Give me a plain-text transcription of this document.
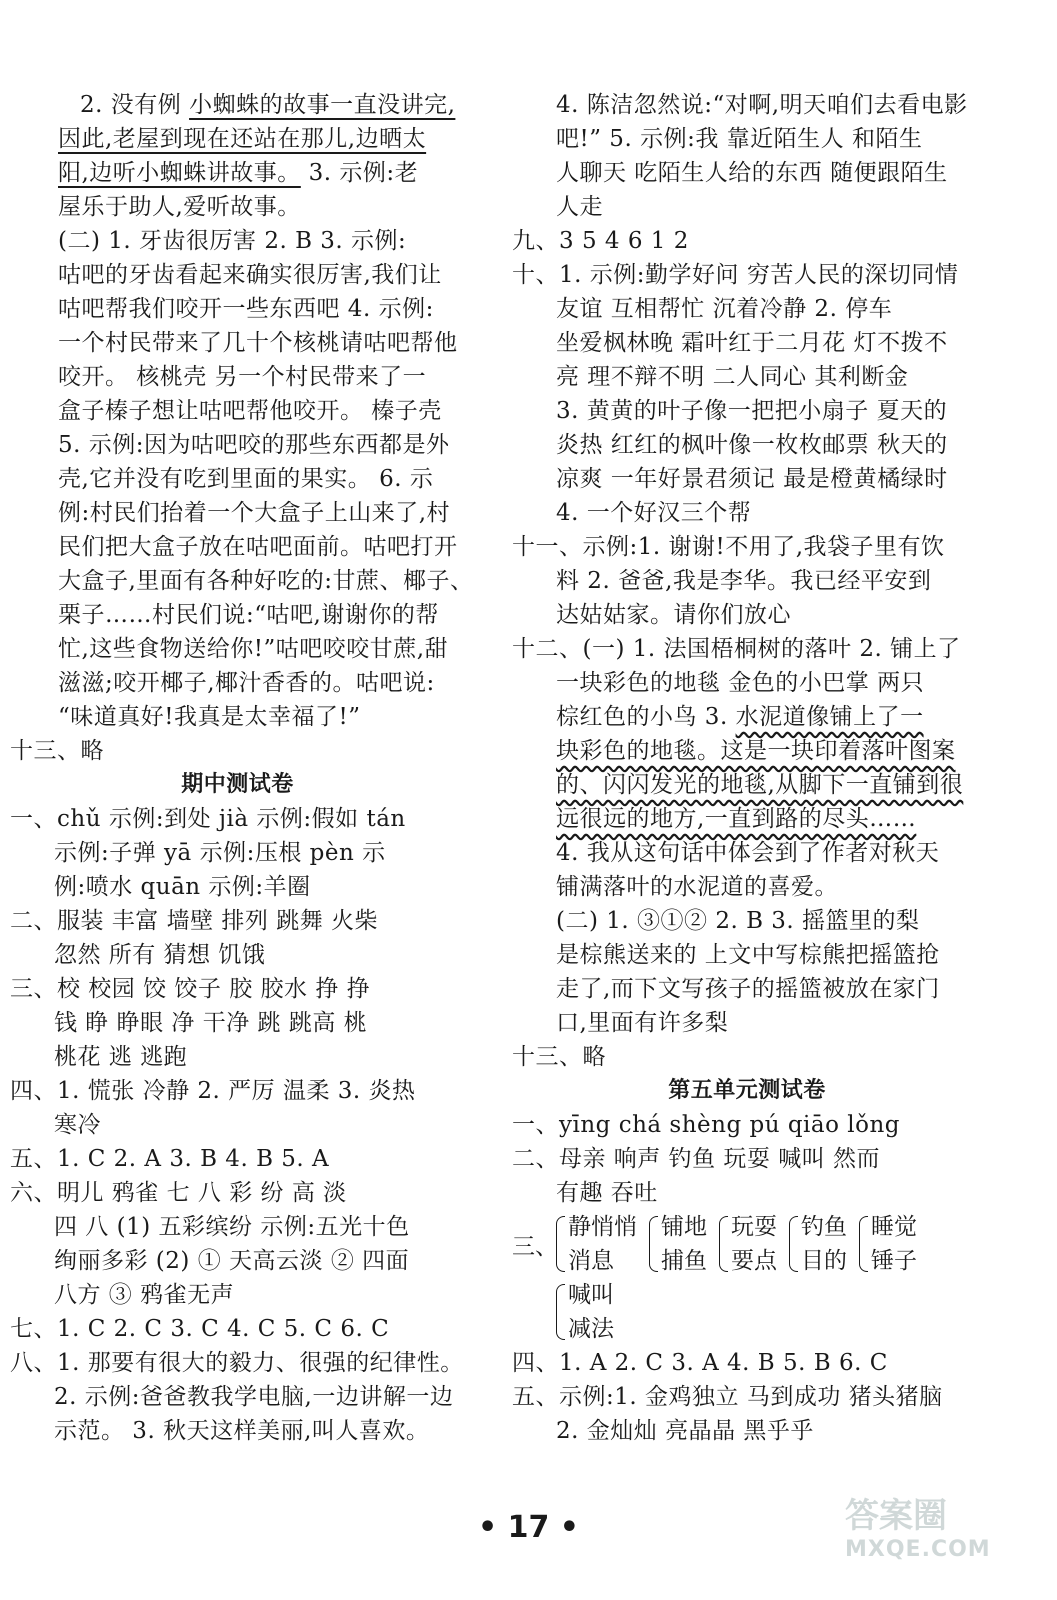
2. 没有例 小蜘蛛的故事一直没讲完,
因此,老屋到现在还站在那儿,边晒太
阳,边听小蜘蛛讲故事。 3. 示例:老
屋乐于助人,爱听故事。
(二) 1. 牙齿很厉害 2. B 3. 示例:
咕吧的牙齿看起来确实很厉害,我们让
咕吧帮我们咬开一些东西吧 4. 示例:
一个村民带来了几十个核桃请咕吧帮他
咬开。 核桃壳 另一个村民带来了一
盒子榛子想让咕吧帮他咬开。 榛子壳
5. 示例:因为咕吧咬的那些东西都是外
壳,它并没有吃到里面的果实。 6. 示
例:村民们抬着一个大盒子上山来了,村
民们把大盒子放在咕吧面前。咕吧打开
大盒子,里面有各种好吃的:甘蔗、椰子、
栗子……村民们说:“咕吧,谢谢你的帮
忙,这些食物送给你!”咕吧咬咬甘蔗,甜
滋滋;咬开椰子,椰汁香香的。咕吧说:
“味道真好!我真是太幸福了!”
十三、略
期中测试卷
一、chǔ 示例:到处 jià 示例:假如 tán
示例:子弹 yā 示例:压根 pèn 示
例:喷水 quān 示例:羊圈
二、服装 丰富 墙壁 排列 跳舞 火柴
忽然 所有 猜想 饥饿
三、校 校园 饺 饺子 胶 胶水 挣 挣
钱 睁 睁眼 净 干净 跳 跳高 桃
桃花 逃 逃跑
四、1. 慌张 冷静 2. 严厉 温柔 3. 炎热
寒冷
五、1. C 2. A 3. B 4. B 5. A
六、明儿 鸦雀 七 八 彩 纷 高 淡
四 八 (1) 五彩缤纷 示例:五光十色
绚丽多彩 (2) ① 天高云淡 ② 四面
八方 ③ 鸦雀无声
七、1. C 2. C 3. C 4. C 5. C 6. C
八、1. 那要有很大的毅力、很强的纪律性。
2. 示例:爸爸教我学电脑,一边讲解一边
示范。 3. 秋天这样美丽,叫人喜欢。
4. 陈洁忽然说:“对啊,明天咱们去看电影
吧!” 5. 示例:我 靠近陌生人 和陌生
人聊天 吃陌生人给的东西 随便跟陌生
人走
九、3 5 4 6 1 2
十、1. 示例:勤学好问 穷苦人民的深切同情
友谊 互相帮忙 沉着冷静 2. 停车
坐爱枫林晚 霜叶红于二月花 灯不拨不
亮 理不辩不明 二人同心 其利断金
3. 黄黄的叶子像一把把小扇子 夏天的
炎热 红红的枫叶像一枚枚邮票 秋天的
凉爽 一年好景君须记 最是橙黄橘绿时
4. 一个好汉三个帮
十一、示例:1. 谢谢!不用了,我袋子里有饮
料 2. 爸爸,我是李华。我已经平安到
达姑姑家。请你们放心
十二、(一) 1. 法国梧桐树的落叶 2. 铺上了
一块彩色的地毯 金色的小巴掌 两只
棕红色的小鸟 3. 水泥道像铺上了一
块彩色的地毯。这是一块印着落叶图案
的、闪闪发光的地毯,从脚下一直铺到很
远很远的地方,一直到路的尽头……
4. 我从这句话中体会到了作者对秋天
铺满落叶的水泥道的喜爱。
(二) 1. ③①② 2. B 3. 摇篮里的梨
是棕熊送来的 上文中写棕熊把摇篮抢
走了,而下文写孩子的摇篮被放在家门
口,里面有许多梨
十三、略
第五单元测试卷
一、yīng chá shèng pú qiāo lǒng
二、母亲 响声 钓鱼 玩耍 喊叫 然而
有趣 吞吐
三、
静悄悄
消息
铺地
捕鱼
玩耍
要点
钓鱼
目的
睡觉
锤子
喊叫
减法
四、1. A 2. C 3. A 4. B 5. B 6. C
五、示例:1. 金鸡独立 马到成功 猪头猪脑
2. 金灿灿 亮晶晶 黑乎乎
• 17 •	答案圈
MXQE.COM
